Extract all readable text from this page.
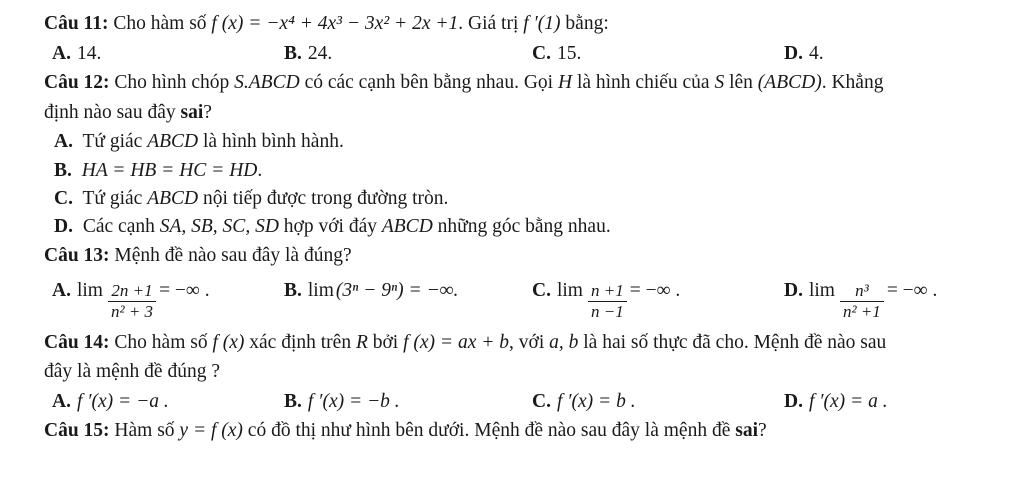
Câu 11: Cho hàm số f (x) = −x⁴ + 4x³ − 3x² + 2x +1. Giá trị f ′(1) bằng:
A. 14.	B. 24.	C. 15.	D. 4.
Câu 12: Cho hình chóp S.ABCD có các cạnh bên bằng nhau. Gọi H là hình chiếu của S lên (ABCD). Khẳng
định nào sau đây sai?
A. Tứ giác ABCD là hình bình hành.
B. HA = HB = HC = HD.
C. Tứ giác ABCD nội tiếp được trong đường tròn.
D. Các cạnh SA, SB, SC, SD hợp với đáy ABCD những góc bằng nhau.
Câu 13: Mệnh đề nào sau đây là đúng?
A. $\lim \frac{2n +1}{\text{n² + 3}}$ = −∞ .	B. lim (3ⁿ − 9ⁿ) = −∞.	C. $\lim \frac{n +1}{n -1}$ = −∞ .	D. $\lim \frac{\text{n³}}{\text{n² +1}}$ = −∞ .
Câu 14: Cho hàm số f (x) xác định trên R bởi f (x) = ax + b, với a, b là hai số thực đã cho. Mệnh đề nào sau
đây là mệnh đề đúng ?
A. f ′(x) = −a .	B. f ′(x) = −b .	C. f ′(x) = b .	D. f ′(x) = a .
Câu 15: Hàm số y = f (x) có đồ thị như hình bên dưới. Mệnh đề nào sau đây là mệnh đề sai?
